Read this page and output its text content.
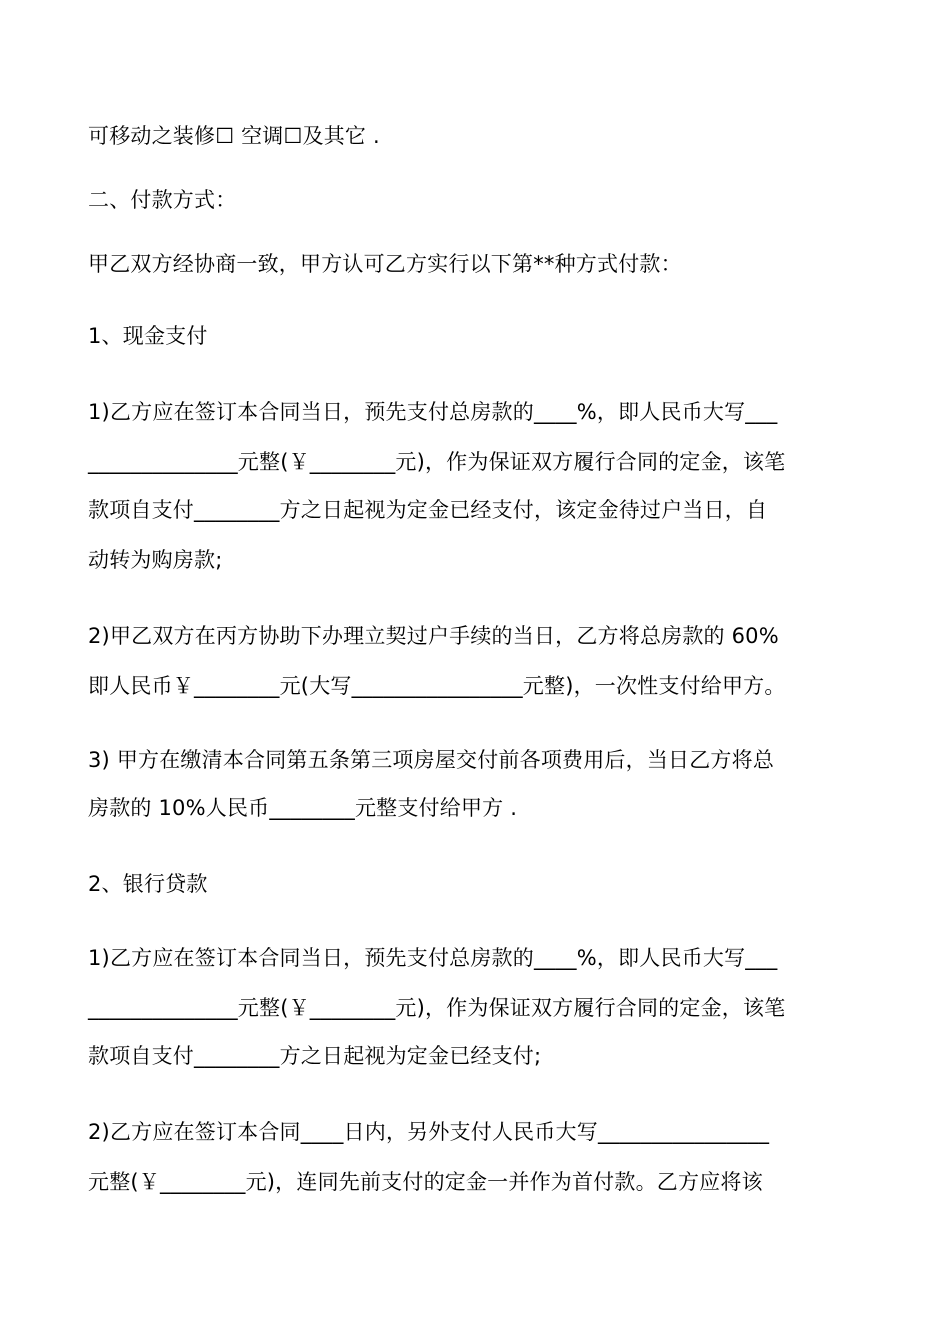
可移动之装修☐ 空调☐及其它 .
二、付款方式：
甲乙双方经协商一致，甲方认可乙方实行以下第**种方式付款：
1、现金支付
1)乙方应在签订本合同当日，预先支付总房款的____%，即人民币大写___
______________元整(￥________元)，作为保证双方履行合同的定金，该笔
款项自支付________方之日起视为定金已经支付，该定金待过户当日，自
动转为购房款;
2)甲乙双方在丙方协助下办理立契过户手续的当日，乙方将总房款的 60%
即人民币￥________元(大写________________元整)，一次性支付给甲方。
3) 甲方在缴清本合同第五条第三项房屋交付前各项费用后，当日乙方将总
房款的 10%人民币________元整支付给甲方 .
2、银行贷款
1)乙方应在签订本合同当日，预先支付总房款的____%，即人民币大写___
______________元整(￥________元)，作为保证双方履行合同的定金，该笔
款项自支付________方之日起视为定金已经支付;
2)乙方应在签订本合同____日内，另外支付人民币大写________________
元整(￥________元)，连同先前支付的定金一并作为首付款。乙方应将该
